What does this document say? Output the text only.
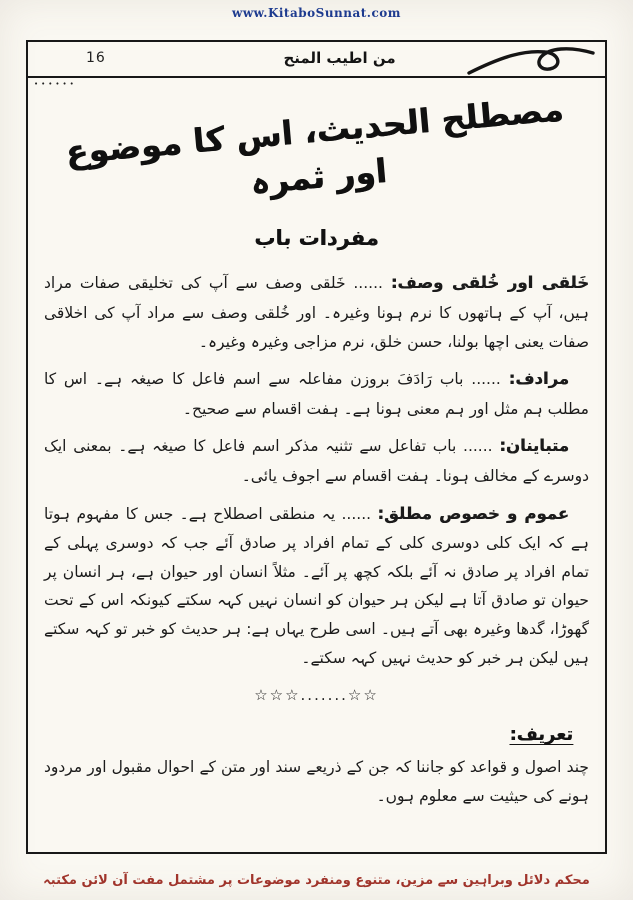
www.KitaboSunnat.com
16	من اطيب المنح
••••••
مصطلح الحدیث، اس کا موضوع اور ثمرہ
مفردات باب

خَلقی اور خُلقی وصف: ...... خَلقی وصف سے آپ کی تخلیقی صفات مراد ہیں، آپ کے ہاتھوں کا نرم ہونا وغیرہ۔ اور خُلقی وصف سے مراد آپ کی اخلاقی صفات یعنی اچھا بولنا، حسن خلق، نرم مزاجی وغیرہ وغیرہ۔

مرادف: ...... باب رَادَفَ بروزن مفاعلہ سے اسم فاعل کا صیغہ ہے۔ اس کا مطلب ہم مثل اور ہم معنی ہونا ہے۔ ہفت اقسام سے صحیح۔

متباینان: ...... باب تفاعل سے تثنیہ مذکر اسم فاعل کا صیغہ ہے۔ بمعنی ایک دوسرے کے مخالف ہونا۔ ہفت اقسام سے اجوف یائی۔

عموم و خصوص مطلق: ...... یہ منطقی اصطلاح ہے۔ جس کا مفہوم ہوتا ہے کہ ایک کلی دوسری کلی کے تمام افراد پر صادق آئے جب کہ دوسری پہلی کے تمام افراد پر صادق نہ آئے بلکہ کچھ پر آئے۔ مثلاً انسان اور حیوان ہے، ہر انسان پر حیوان تو صادق آتا ہے لیکن ہر حیوان کو انسان نہیں کہہ سکتے کیونکہ اس کے تحت گھوڑا، گدھا وغیرہ بھی آتے ہیں۔ اسی طرح یہاں ہے: ہر حدیث کو خبر تو کہہ سکتے ہیں لیکن ہر خبر کو حدیث نہیں کہہ سکتے۔

☆☆☆.......☆☆
تعریف:

چند اصول و قواعد کو جاننا کہ جن کے ذریعے سند اور متن کے احوال مقبول اور مردود ہونے کی حیثیت سے معلوم ہوں۔

محکم دلائل وبراہین سے مزین، متنوع ومنفرد موضوعات پر مشتمل مفت آن لائن مکتبہ
